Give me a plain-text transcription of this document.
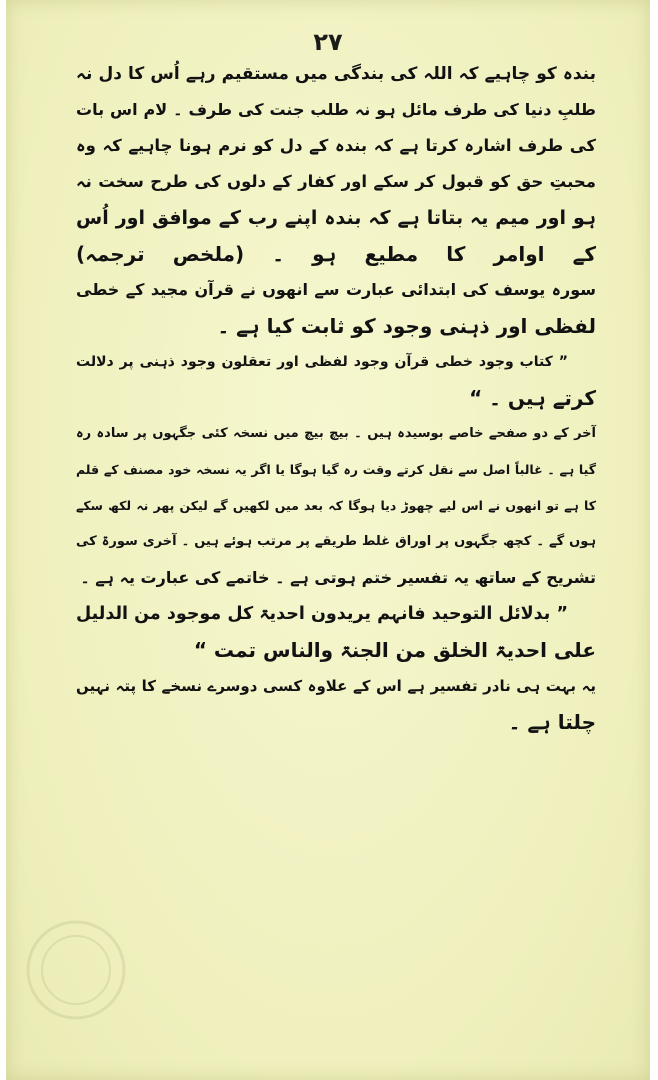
۲۷
بندہ کو چاہیے کہ اللہ کی بندگی میں مستقیم رہے اُس کا دل نہ
طلبِ دنیا کی طرف مائل ہو نہ طلب جنت کی طرف ۔ لام اس بات
کی طرف اشارہ کرتا ہے کہ بندہ کے دل کو نرم ہونا چاہیے کہ وہ
محبتِ حق کو قبول کر سکے اور کفار کے دلوں کی طرح سخت نہ
ہو اور میم یہ بتاتا ہے کہ بندہ اپنے رب کے موافق اور اُس
کے اوامر کا مطیع ہو ۔ (ملخص ترجمہ)
سورہ یوسف کی ابتدائی عبارت سے انھوں نے قرآن مجید کے خطی
لفظی اور ذہنی وجود کو ثابت کیا ہے ۔
” کتاب وجود خطی قرآن وجود لفظی اور تعقلون وجود ذہنی پر دلالت
کرتے ہیں ۔ “
آخر کے دو صفحے خاصے بوسیدہ ہیں ۔ بیچ بیچ میں نسخہ کئی جگہوں پر سادہ رہ
گیا ہے ۔ غالباً اصل سے نقل کرتے وقت رہ گیا ہوگا یا اگر یہ نسخہ خود مصنف کے قلم
کا ہے تو انھوں نے اس لیے چھوڑ دیا ہوگا کہ بعد میں لکھیں گے لیکن پھر نہ لکھ سکے
ہوں گے ۔ کچھ جگہوں پر اوراق غلط طریقے پر مرتب ہوئے ہیں ۔ آخری سورۃ کی
تشریح کے ساتھ یہ تفسیر ختم ہوتی ہے ۔ خاتمے کی عبارت یہ ہے ۔
” بدلائل التوحید فانہم یریدون احدیۃ کل موجود من الدلیل
علی احدیۃ الخلق من الجنۃ والناس تمت “
یہ بہت ہی نادر تفسیر ہے اس کے علاوہ کسی دوسرے نسخے کا پتہ نہیں
چلتا ہے ۔
